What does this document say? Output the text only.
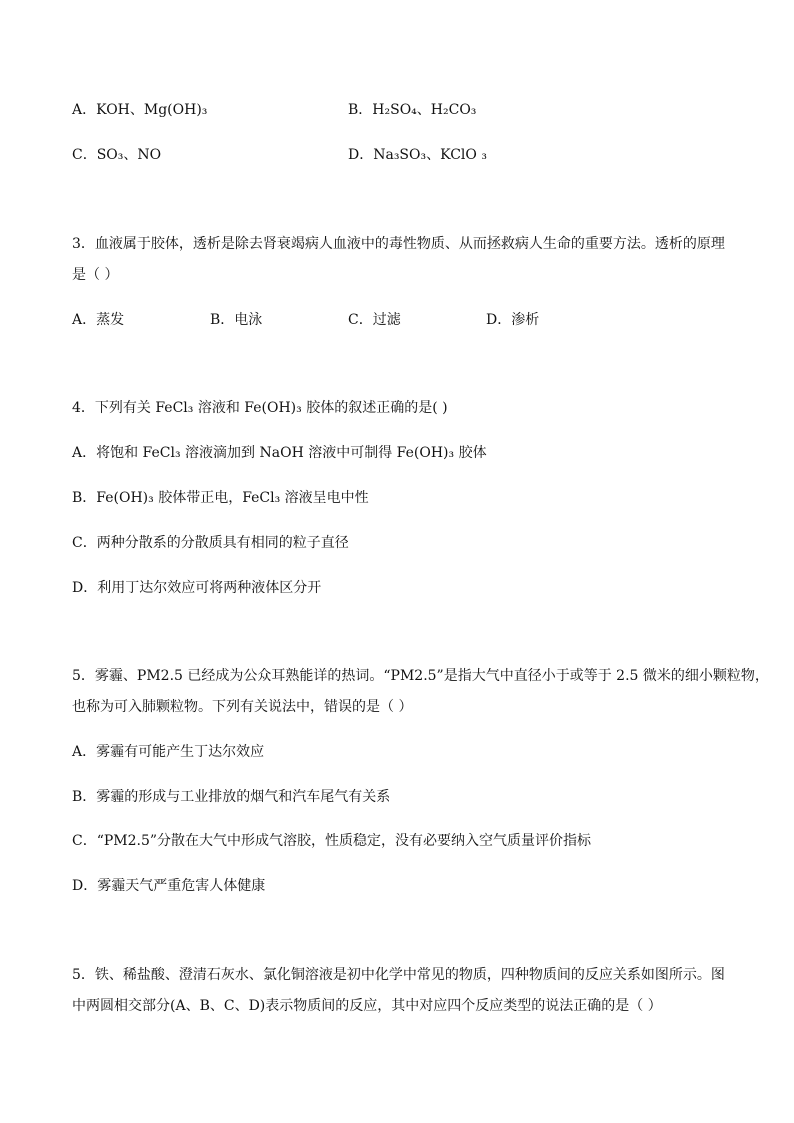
A．KOH、Mg(OH)₃	B．H₂SO₄、H₂CO₃
C．SO₃、NO	D．Na₃SO₃、KClO ₃
3．血液属于胶体，透析是除去肾衰竭病人血液中的毒性物质、从而拯救病人生命的重要方法。透析的原理
是（ ）
A．蒸发	B．电泳	C．过滤	D．渗析
4．下列有关 FeCl₃ 溶液和 Fe(OH)₃ 胶体的叙述正确的是( )
A．将饱和 FeCl₃ 溶液滴加到 NaOH 溶液中可制得 Fe(OH)₃ 胶体
B．Fe(OH)₃ 胶体带正电，FeCl₃ 溶液呈电中性
C．两种分散系的分散质具有相同的粒子直径
D．利用丁达尔效应可将两种液体区分开
5．雾霾、PM2.5 已经成为公众耳熟能详的热词。“PM2.5”是指大气中直径小于或等于 2.5 微米的细小颗粒物，
也称为可入肺颗粒物。下列有关说法中，错误的是（ ）
A．雾霾有可能产生丁达尔效应
B．雾霾的形成与工业排放的烟气和汽车尾气有关系
C．“PM2.5”分散在大气中形成气溶胶，性质稳定，没有必要纳入空气质量评价指标
D．雾霾天气严重危害人体健康
5．铁、稀盐酸、澄清石灰水、氯化铜溶液是初中化学中常见的物质，四种物质间的反应关系如图所示。图
中两圆相交部分(A、B、C、D)表示物质间的反应，其中对应四个反应类型的说法正确的是（ ）
